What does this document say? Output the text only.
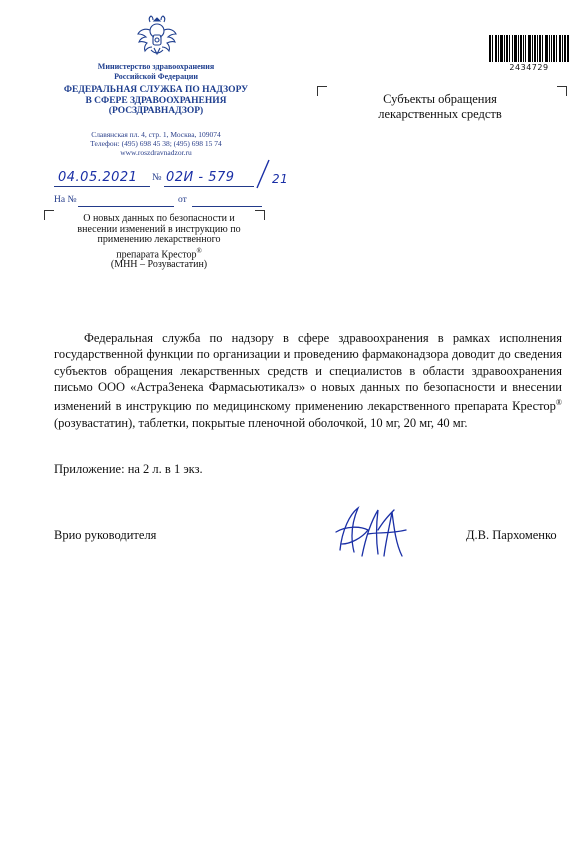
Министерство здравоохранения
Российской Федерации
ФЕДЕРАЛЬНАЯ СЛУЖБА ПО НАДЗОРУ
В СФЕРЕ ЗДРАВООХРАНЕНИЯ
(РОСЗДРАВНАДЗОР)
Славянская пл. 4, стр. 1, Москва, 109074
Телефон: (495) 698 45 38; (495) 698 15 74
www.roszdravnadzor.ru
04.05.2021 № 02И - 579	21
На №	от
О новых данных по безопасности и
внесении изменений в инструкцию по
применению лекарственного
препарата Крестор®
(МНН – Розувастатин)
2434729
Субъекты обращения
лекарственных средств

Федеральная служба по надзору в сфере здравоохранения в рамках исполнения государственной функции по организации и проведению фармаконадзора доводит до сведения субъектов обращения лекарственных средств и специалистов в области здравоохранения письмо ООО «АстраЗенека Фармасьютикалз» о новых данных по безопасности и внесении изменений в инструкцию по медицинскому применению лекарственного препарата Крестор® (розувастатин), таблетки, покрытые пленочной оболочкой, 10 мг, 20 мг, 40 мг.

Приложение: на 2 л. в 1 экз.
Врио руководителя	Д.В. Пархоменко
